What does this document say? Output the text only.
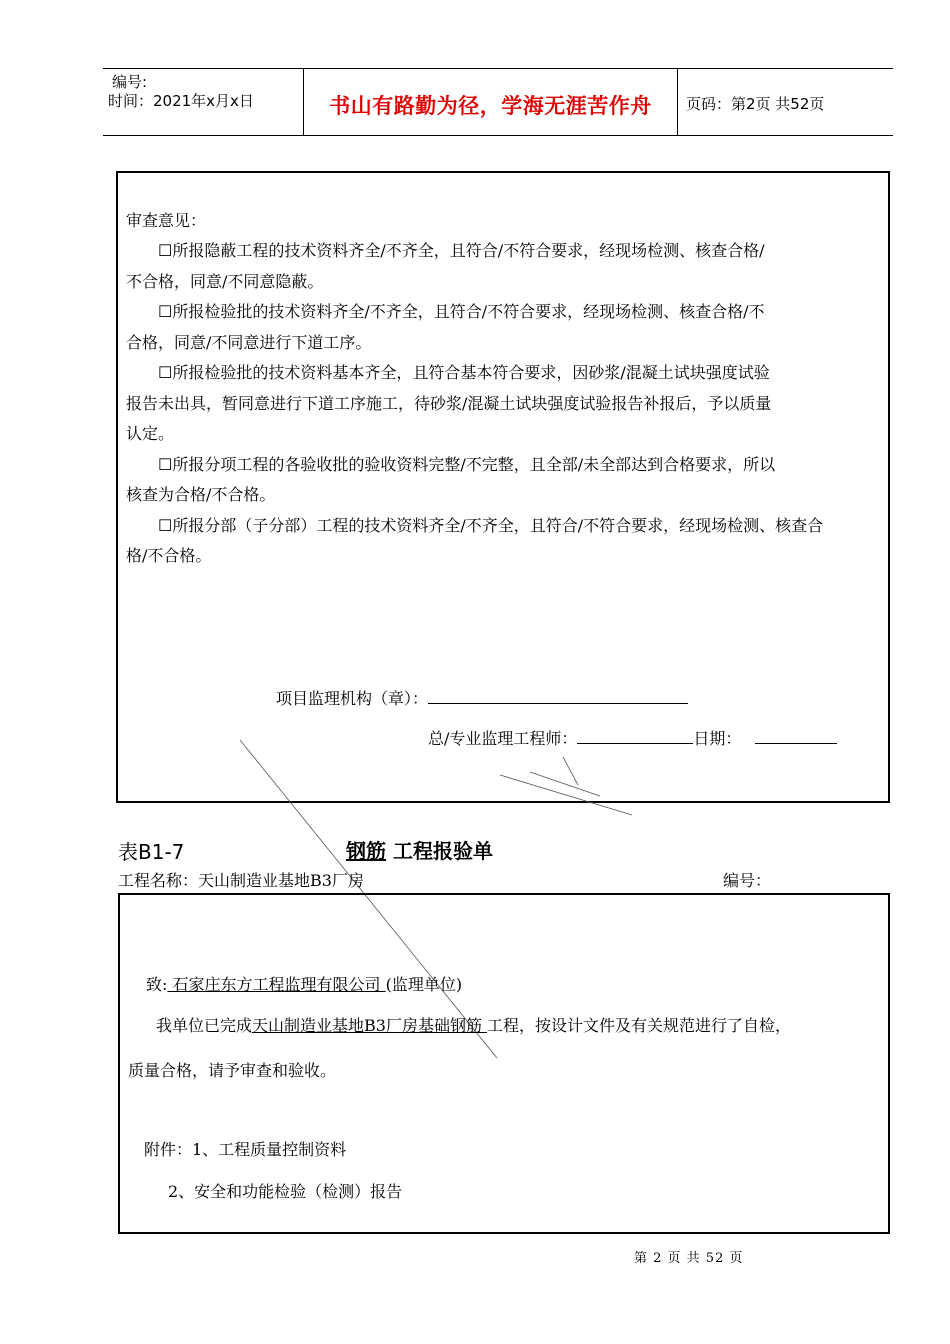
编号:
时间：2021年x月x日	书山有路勤为径，学海无涯苦作舟	页码：第2页 共52页
审查意见：
☐所报隐蔽工程的技术资料齐全/不齐全，且符合/不符合要求，经现场检测、核查合格/
不合格，同意/不同意隐蔽。
☐所报检验批的技术资料齐全/不齐全，且符合/不符合要求，经现场检测、核查合格/不
合格，同意/不同意进行下道工序。
☐所报检验批的技术资料基本齐全，且符合基本符合要求，因砂浆/混凝土试块强度试验
报告未出具，暂同意进行下道工序施工，待砂浆/混凝土试块强度试验报告补报后，予以质量
认定。
☐所报分项工程的各验收批的验收资料完整/不完整，且全部/未全部达到合格要求，所以
核查为合格/不合格。
☐所报分部（子分部）工程的技术资料齐全/不齐全，且符合/不符合要求，经现场检测、核查合
格/不合格。
项目监理机构（章）：
总/专业监理工程师：	日期：
表B1-7	钢筋 工程报验单
工程名称：天山制造业基地B3厂房	编号：
致: 石家庄东方工程监理有限公司 (监理单位)
我单位已完成天山制造业基地B3厂房基础钢筋 工程，按设计文件及有关规范进行了自检，
质量合格，请予审查和验收。
附件：1、工程质量控制资料
2、安全和功能检验（检测）报告
第 2 页 共 52 页
